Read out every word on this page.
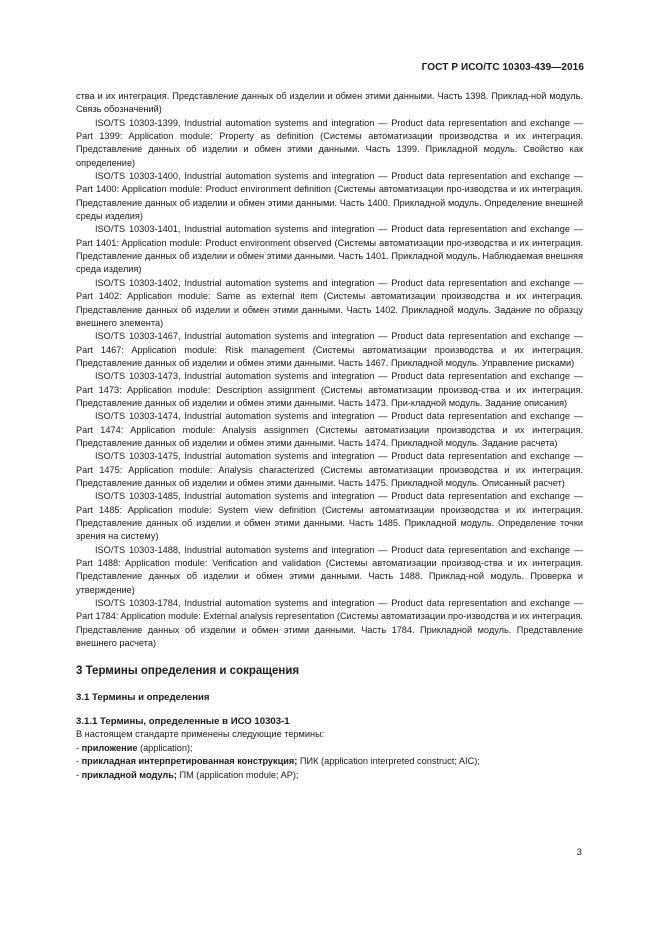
ГОСТ Р ИСО/ТС 10303-439—2016

ства и их интеграция. Представление данных об изделии и обмен этими данными. Часть 1398. Приклад-ной модуль. Связь обозначений)

ISO/TS 10303-1399, Industrial automation systems and integration — Product data representation and exchange — Part 1399: Application module: Property as definition (Системы автоматизации производства и их интеграция. Представление данных об изделии и обмен этими данными. Часть 1399. Прикладной модуль. Свойство как определение)

ISO/TS 10303-1400, Industrial automation systems and integration — Product data representation and exchange — Part 1400: Application module: Product environment definition (Системы автоматизации про-изводства и их интеграция. Представление данных об изделии и обмен этими данными. Часть 1400. Прикладной модуль. Определение внешней среды изделия)

ISO/TS 10303-1401, Industrial automation systems and integration — Product data representation and exchange — Part 1401: Application module: Product environment observed (Системы автоматизации про-изводства и их интеграция. Представление данных об изделии и обмен этими данными. Часть 1401. Прикладной модуль. Наблюдаемая внешняя среда изделия)

ISO/TS 10303-1402, Industrial automation systems and integration — Product data representation and exchange — Part 1402: Application module: Same as external item (Системы автоматизации производства и их интеграция. Представление данных об изделии и обмен этими данными. Часть 1402. Прикладной модуль. Задание по образцу внешнего элемента)

ISO/TS 10303-1467, Industrial automation systems and integration — Product data representation and exchange — Part 1467: Application module: Risk management (Системы автоматизации производства и их интеграция. Представление данных об изделии и обмен этими данными. Часть 1467. Прикладной модуль. Управление рисками)

ISO/TS 10303-1473, Industrial automation systems and integration — Product data representation and exchange — Part 1473: Application module: Description assignment (Системы автоматизации производ-ства и их интеграция. Представление данных об изделии и обмен этими данными. Часть 1473. При-кладной модуль. Задание описания)

ISO/TS 10303-1474, Industrial automation systems and integration — Product data representation and exchange — Part 1474: Application module: Analysis assignmen (Системы автоматизации производства и их интеграция. Представление данных об изделии и обмен этими данными. Часть 1474. Прикладной модуль. Задание расчета)

ISO/TS 10303-1475, Industrial automation systems and integration — Product data representation and exchange — Part 1475: Application module: Analysis characterized (Системы автоматизации производства и их интеграция. Представление данных об изделии и обмен этими данными. Часть 1475. Прикладной модуль. Описанный расчет)

ISO/TS 10303-1485, Industrial automation systems and integration — Product data representation and exchange — Part 1485: Application module: System view definition (Системы автоматизации производства и их интеграция. Представление данных об изделии и обмен этими данными. Часть 1485. Прикладной модуль. Определение точки зрения на систему)

ISO/TS 10303-1488, Industrial automation systems and integration — Product data representation and exchange — Part 1488: Application module: Verification and validation (Системы автоматизации производ-ства и их интеграция. Представление данных об изделии и обмен этими данными. Часть 1488. Приклад-ной модуль. Проверка и утверждение)

ISO/TS 10303-1784, Industrial automation systems and integration — Product data representation and exchange — Part 1784: Application module: External analysis representation (Системы автоматизации про-изводства и их интеграция. Представление данных об изделии и обмен этими данными. Часть 1784. Прикладной модуль. Представление внешнего расчета)

3 Термины определения и сокращения
3.1 Термины и определения
3.1.1 Термины, определенные в ИСО 10303-1

В настоящем стандарте применены следующие термины:

- приложение (application);

- прикладная интерпретированная конструкция; ПИК (application interpreted construct; AIC);

- прикладной модуль; ПМ (application module; AP);

3
